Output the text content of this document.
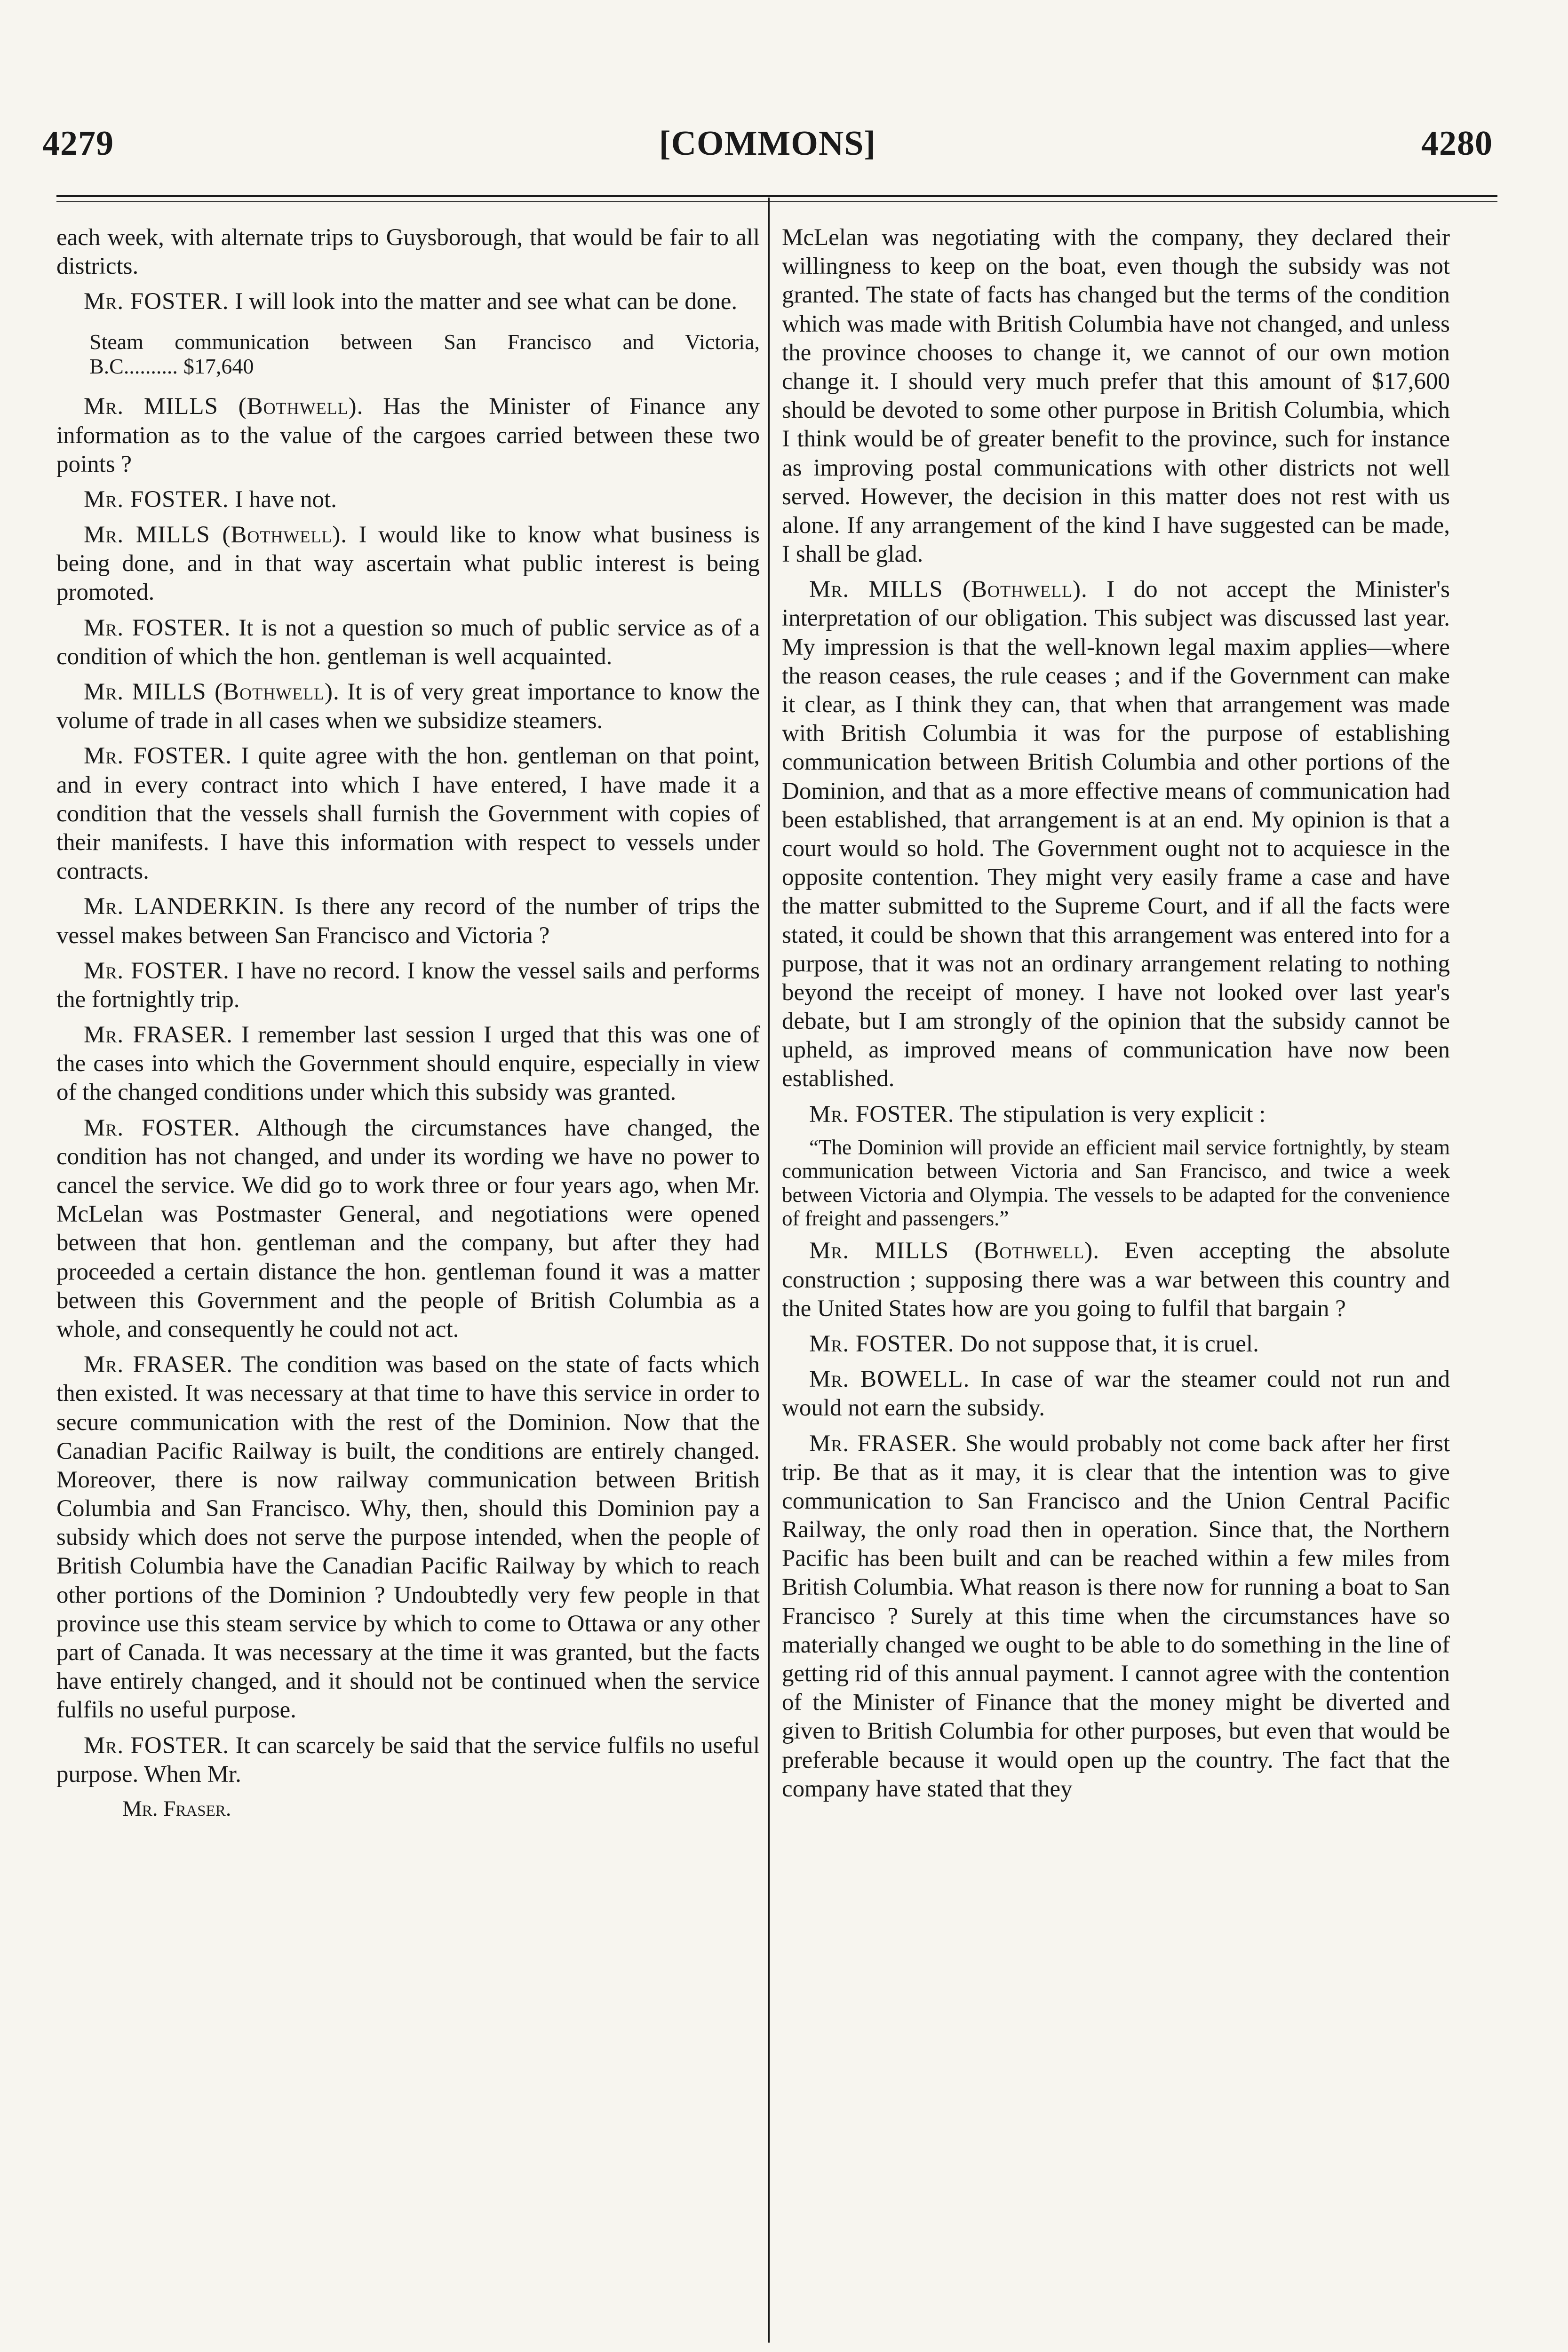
4279	[COMMONS]	4280

each week, with alternate trips to Guysborough, that would be fair to all districts.

Mr. FOSTER. I will look into the matter and see what can be done.

Steam communication between San Francisco and Victoria, B.C.......... $17,640

Mr. MILLS (Bothwell). Has the Minister of Finance any information as to the value of the cargoes carried between these two points ?

Mr. FOSTER. I have not.

Mr. MILLS (Bothwell). I would like to know what business is being done, and in that way ascertain what public interest is being promoted.

Mr. FOSTER. It is not a question so much of public service as of a condition of which the hon. gentleman is well acquainted.

Mr. MILLS (Bothwell). It is of very great importance to know the volume of trade in all cases when we subsidize steamers.

Mr. FOSTER. I quite agree with the hon. gentleman on that point, and in every contract into which I have entered, I have made it a condition that the vessels shall furnish the Government with copies of their manifests. I have this information with respect to vessels under contracts.

Mr. LANDERKIN. Is there any record of the number of trips the vessel makes between San Francisco and Victoria ?

Mr. FOSTER. I have no record. I know the vessel sails and performs the fortnightly trip.

Mr. FRASER. I remember last session I urged that this was one of the cases into which the Government should enquire, especially in view of the changed conditions under which this subsidy was granted.

Mr. FOSTER. Although the circumstances have changed, the condition has not changed, and under its wording we have no power to cancel the service. We did go to work three or four years ago, when Mr. McLelan was Postmaster General, and negotiations were opened between that hon. gentleman and the company, but after they had proceeded a certain distance the hon. gentleman found it was a matter between this Government and the people of British Columbia as a whole, and consequently he could not act.

Mr. FRASER. The condition was based on the state of facts which then existed. It was necessary at that time to have this service in order to secure communication with the rest of the Dominion. Now that the Canadian Pacific Railway is built, the conditions are entirely changed. Moreover, there is now railway communication between British Columbia and San Francisco. Why, then, should this Dominion pay a subsidy which does not serve the purpose intended, when the people of British Columbia have the Canadian Pacific Railway by which to reach other portions of the Dominion ? Undoubtedly very few people in that province use this steam service by which to come to Ottawa or any other part of Canada. It was necessary at the time it was granted, but the facts have entirely changed, and it should not be continued when the service fulfils no useful purpose.

Mr. FOSTER. It can scarcely be said that the service fulfils no useful purpose. When Mr.

Mr. Fraser.

McLelan was negotiating with the company, they declared their willingness to keep on the boat, even though the subsidy was not granted. The state of facts has changed but the terms of the condition which was made with British Columbia have not changed, and unless the province chooses to change it, we cannot of our own motion change it. I should very much prefer that this amount of $17,600 should be devoted to some other purpose in British Columbia, which I think would be of greater benefit to the province, such for instance as improving postal communications with other districts not well served. However, the decision in this matter does not rest with us alone. If any arrangement of the kind I have suggested can be made, I shall be glad.

Mr. MILLS (Bothwell). I do not accept the Minister's interpretation of our obligation. This subject was discussed last year. My impression is that the well-known legal maxim applies—where the reason ceases, the rule ceases ; and if the Government can make it clear, as I think they can, that when that arrangement was made with British Columbia it was for the purpose of establishing communication between British Columbia and other portions of the Dominion, and that as a more effective means of communication had been established, that arrangement is at an end. My opinion is that a court would so hold. The Government ought not to acquiesce in the opposite contention. They might very easily frame a case and have the matter submitted to the Supreme Court, and if all the facts were stated, it could be shown that this arrangement was entered into for a purpose, that it was not an ordinary arrangement relating to nothing beyond the receipt of money. I have not looked over last year's debate, but I am strongly of the opinion that the subsidy cannot be upheld, as improved means of communication have now been established.

Mr. FOSTER. The stipulation is very explicit :

“The Dominion will provide an efficient mail service fortnightly, by steam communication between Victoria and San Francisco, and twice a week between Victoria and Olympia. The vessels to be adapted for the convenience of freight and passengers.”

Mr. MILLS (Bothwell). Even accepting the absolute construction ; supposing there was a war between this country and the United States how are you going to fulfil that bargain ?

Mr. FOSTER. Do not suppose that, it is cruel.

Mr. BOWELL. In case of war the steamer could not run and would not earn the subsidy.

Mr. FRASER. She would probably not come back after her first trip. Be that as it may, it is clear that the intention was to give communication to San Francisco and the Union Central Pacific Railway, the only road then in operation. Since that, the Northern Pacific has been built and can be reached within a few miles from British Columbia. What reason is there now for running a boat to San Francisco ? Surely at this time when the circumstances have so materially changed we ought to be able to do something in the line of getting rid of this annual payment. I cannot agree with the contention of the Minister of Finance that the money might be diverted and given to British Columbia for other purposes, but even that would be preferable because it would open up the country. The fact that the company have stated that they
